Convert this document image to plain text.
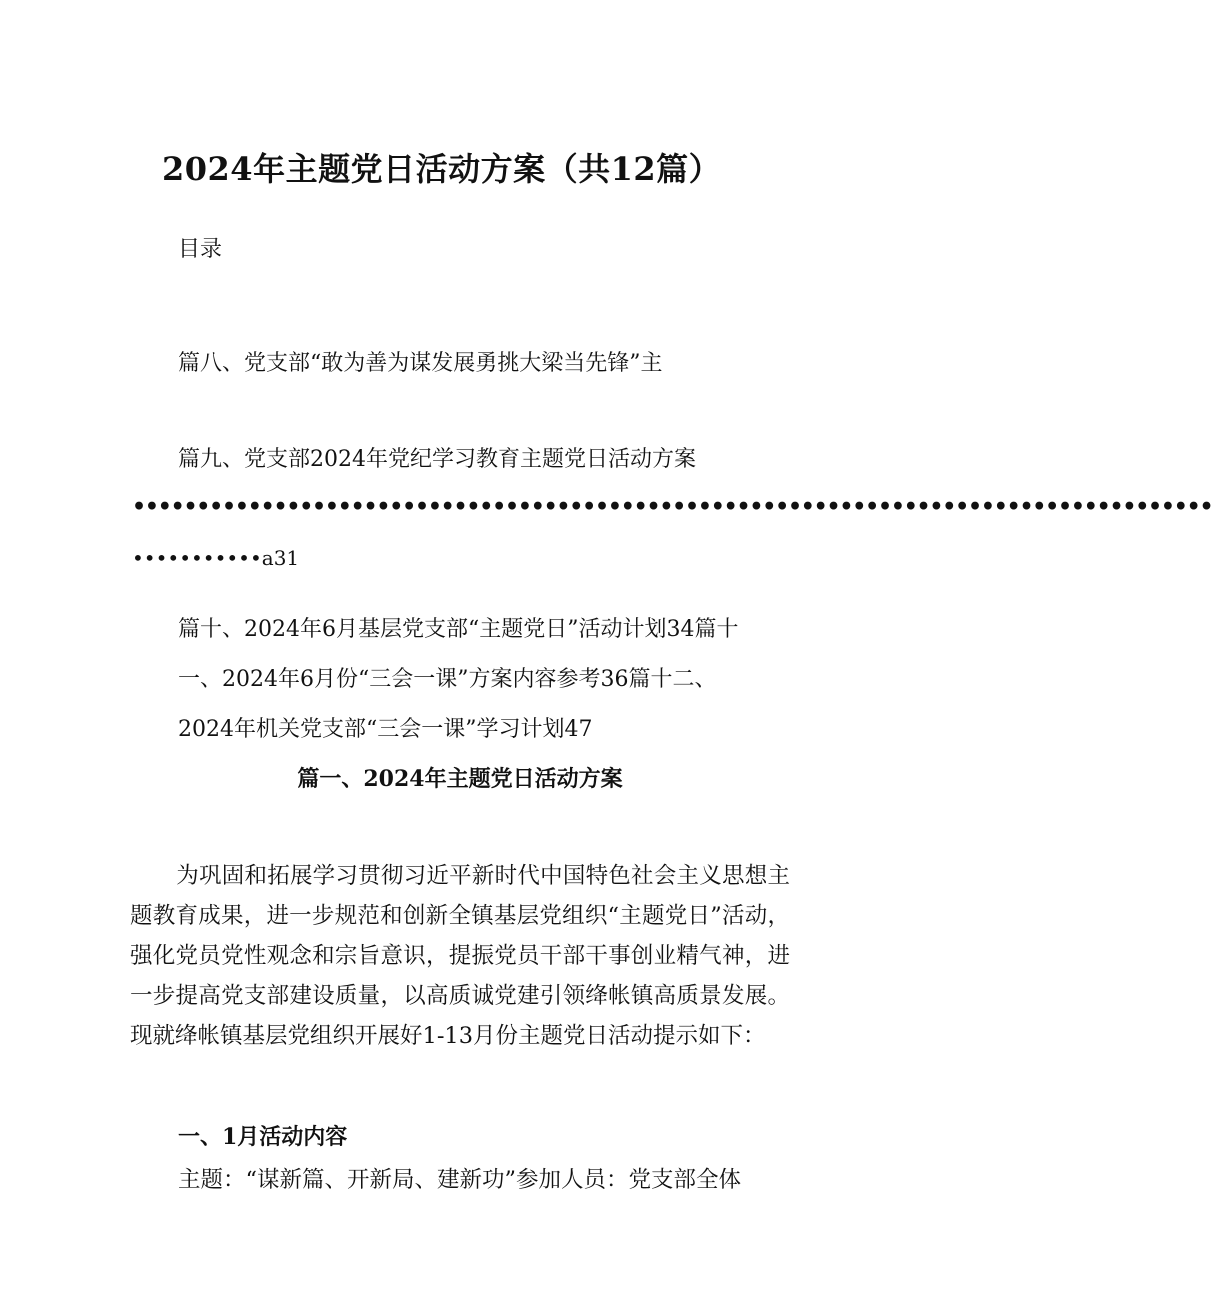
2024年主题党日活动方案（共12篇）
目录
篇八、党支部“敢为善为谋发展勇挑大梁当先锋”主
篇九、党支部2024年党纪学习教育主题党日活动方案
••••••••••••••••••••••••••••••••••••••••••••••••••••••••••••••••••••••••••••••••••••
•••••••••••a31
篇十、2024年6月基层党支部“主题党日”活动计划34篇十
一、2024年6月份“三会一课”方案内容参考36篇十二、
2024年机关党支部“三会一课”学习计划47
篇一、2024年主题党日活动方案
为巩固和拓展学习贯彻习近平新时代中国特色社会主义思想主题教育成果，进一步规范和创新全镇基层党组织“主题党日”活动，强化党员党性观念和宗旨意识，提振党员干部干事创业精气神，进一步提高党支部建设质量，以高质诚党建引领绛帐镇高质景发展。现就绛帐镇基层党组织开展好1-13月份主题党日活动提示如下：
一、1月活动内容
主题：“谋新篇、开新局、建新功”参加人员：党支部全体
